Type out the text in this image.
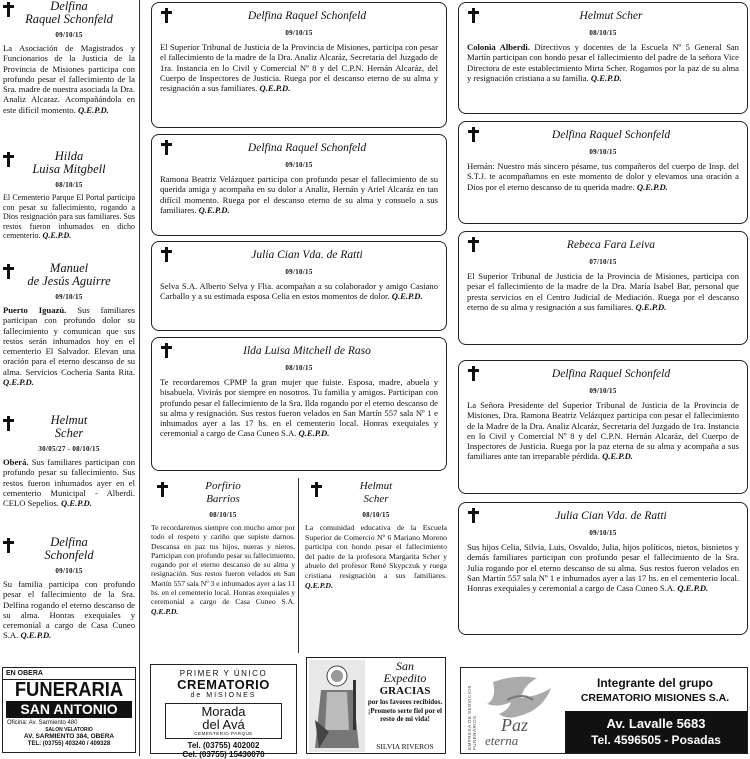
Delfina
Raquel Schonfeld
09/10/15

La Asociación de Magistrados y Funcionarios de la Justicia de la Provincia de Misiones participa con profundo pesar el fallecimiento de la Sra. madre de nuestra asociada la Dra. Analiz Alcaraz. Acompañándola en este difícil momento. Q.E.P.D.

Hilda
Luisa Mitgbell
08/10/15

El Cementerio Parque El Portal participa con pesar su fallecimiento, rogando a Dios resignación para sus familiares. Sus restos fueron inhumados en dicho cementerio. Q.E.P.D.

Manuel
de Jesús Aguirre
09/10/15

Puerto Iguazú. Sus familiares participan con profundo dolor su fallecimiento y comunican que sus restos serán inhumados hoy en el cementerio El Salvador. Elevan una oración para el eterno descanso de su alma. Servicios Cochería Santa Rita. Q.E.P.D.

Helmut
Scher
30/05/27 - 08/10/15

Oberá. Sus familiares participan con profundo pesar su fallecimiento. Sus restos fueron inhumados ayer en el cementerio Municipal - Alberdi. CELO Sepelios. Q.E.P.D.

Delfina
Schonfeld
09/10/15

Su familia participa con profundo pesar el fallecimiento de la Sra. Delfina rogando el eterno descanso de su alma. Honras exequiales y ceremonial a cargo de Casa Cuneo S.A. Q.E.P.D.

EN OBERA
FUNERARIA
SAN ANTONIO
Oficina: Av. Sarmiento 480
SALON VELATORIO
AV. SARMIENTO 384, OBERA
TEL: (03755) 403240 / 409328
Delfina Raquel Schonfeld
09/10/15

El Superior Tribunal de Justicia de la Provincia de Misiones, participa con pesar el fallecimiento de la madre de la Dra. Analiz Alcaráz, Secretaria del Juzgado de 1ra. Instancia en lo Civil y Comercial Nº 8 y del C.P.N. Hernán Alcaráz, del Cuerpo de Inspectores de Justicia. Ruega por el descanso eterno de su alma y resignación a sus familiares. Q.E.P.D.

Delfina Raquel Schonfeld
09/10/15

Ramona Beatriz Velázquez participa con profundo pesar el fallecimiento de su querida amiga y acompaña en su dolor a Analiz, Hernán y Ariel Alcaráz en tan difícil momento. Ruega por el descanso eterno de su alma y consuelo a sus familiares. Q.E.P.D.

Julia Cian Vda. de Ratti
09/10/15

Selva S.A. Alberto Selva y Flia. acompañan a su colaborador y amigo Casiano Carballo y a su estimada esposa Celia en estos momentos de dolor. Q.E.P.D.

Ilda Luisa Mitchell de Raso
08/10/15

Te recordaremos CPMP la gran mujer que fuiste. Esposa, madre, abuela y bisabuela. Vivirás por siempre en nosotros. Tu familia y amigos. Participan con profundo pesar el fallecimiento de la Sra. Ilda rogando por el eterno descanso de su alma y resignación. Sus restos fueron velados en San Martín 557 sala Nº 1 e inhumados ayer a las 17 hs. en el cementerio local. Honras exequiales y ceremonial a cargo de Casa Cuneo S.A. Q.E.P.D.

Porfirio
Barrios
08/10/15

Te recordaremos siempre con mucho amor por todo el respeto y cariño que supiste darnos. Descansa en paz tus hijos, nueras y nietos. Participan con profundo pesar su fallecimiento, rogando por el eterno descanso de su alma y resignación. Sus restos fueron velados en San Martín 557 sala Nº 3 e inhumados ayer a las 11 hs. en el cementerio local. Honras exequiales y ceremonial a cargo de Casa Cuneo S.A. Q.E.P.D.

Helmut
Scher
08/10/15

La comunidad educativa de la Escuela Superior de Comercio Nº 6 Mariano Moreno participa con hondo pesar el fallecimiento del padre de la profesora Margarita Scher y abuelo del profesor René Skypczuk y ruega cristiana resignación a sus familiares. Q.E.P.D.

PRIMER Y ÚNICO
CREMATORIO
de MISIONES
Morada
del Avá
CEMENTERIO PARQUE
Tel. (03755) 402002
Cel. (03755) 15430070
San
Expedito
GRACIAS
por los favores recibidos.
¡Prometo serte fiel por el resto de mi vida!
SILVIA RIVEROS
Helmut Scher
08/10/15

Colonia Alberdi. Directivos y docentes de la Escuela Nº 5 General San Martín participan con hondo pesar el fallecimiento del padre de la señora Vice Directora de este establecimiento Mirta Scher. Rogamos por la paz de su alma y resignación cristiana a su familia. Q.E.P.D.

Delfina Raquel Schonfeld
09/10/15

Hernán: Nuestro más sincero pésame, tus compañeros del cuerpo de Insp. del S.T.J. te acompañamos en este momento de dolor y elevamos una oración a Dios por el eterno descanso de tu querida madre. Q.E.P.D.

Rebeca Fara Leiva
07/10/15

El Superior Tribunal de Justicia de la Provincia de Misiones, participa con pesar el fallecimiento de la madre de la Dra. María Isabel Bar, personal que presta servicios en el Centro Judicial de Mediación. Ruega por el descanso eterno de su alma y resignación a sus familiares. Q.E.P.D.

Delfina Raquel Schonfeld
09/10/15

La Señora Presidente del Superior Tribunal de Justicia de la Provincia de Misiones, Dra. Ramona Beatriz Velázquez participa con pesar el fallecimiento de la Madre de la Dra. Analiz Alcaráz, Secretaria del Juzgado de 1ra. Instancia en lo Civil y Comercial Nº 8 y del C.P.N. Hernán Alcaráz, del Cuerpo de Inspectores de Justicia. Ruega por la paz eterna de su alma y acompaña a sus familiares ante tan irreparable pérdida. Q.E.P.D.

Julia Cian Vda. de Ratti
09/10/15

Sus hijos Celia, Silvia, Luis, Osvaldo, Julia, hijos políticos, nietos, bisnietos y demás familiares participan con profundo pesar el fallecimiento de la Sra. Julia rogando por el eterno descanso de su alma. Sus restos fueron velados en San Martín 557 sala Nº 1 e inhumados ayer a las 17 hs. en el cementerio local. Honras exequiales y ceremonial a cargo de Casa Cuneo S.A. Q.E.P.D.

EMPRESA DE SERVICIOS FUNERARIOS Paz
eterna
Integrante del grupo
CREMATORIO MISIONES S.A.
Av. Lavalle 5683
Tel. 4596505 - Posadas
